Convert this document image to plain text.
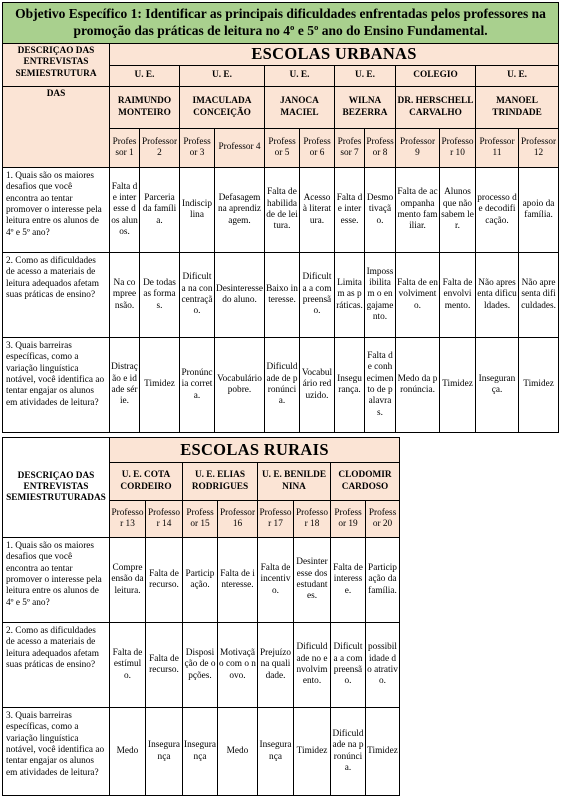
Objetivo Específico 1: Identificar as principais dificuldades enfrentadas pelos professores na promoção das práticas de leitura no 4º e 5º ano do Ensino Fundamental.												
DESCRIÇAO DAS ENTREVISTAS SEMIESTRUTURA	ESCOLAS URBANAS											
	U. E.		U. E.		U. E.		U. E.		COLEGIO		U. E.	
DAS	RAIMUNDO MONTEIRO		IMACULADA CONCEIÇÃO		JANOCA MACIEL		WILNA BEZERRA		DR. HERSCHELL CARVALHO		MANOEL TRINDADE	
	Professor 1	Professor 2	Professor 3	Professor 4	Professor 5	Professor 6	Professor 7	Professor 8	Professor 9	Professor 10	Professor 11	Professor 12
1. Quais são os maiores desafios que você encontra ao tentar promover o interesse pela leitura entre os alunos de 4º e 5º ano?	Falta de interesse dos alunos.	Parceria da família.	Indisciplina	Defasagem na aprendizagem.	Falta de habilidade de leitura.	Acesso à literatura.	Falta de interesse.	Desmotivação.	Falta de acompanhamento familiar.	Alunos que não sabem ler.	processo de decodificação.	apoio da família.
2. Como as dificuldades de acesso a materiais de leitura adequados afetam suas práticas de ensino?	Na compreensão.	De todas as formas.	Dificulta na concentração.	Desinteresse do aluno.	Baixo interesse.	Dificulta a compreensão.	Limitam as práticas.	Impossibilitam o engajamento.	Falta de envolvimento.	Falta de envolvimento.	Não apresenta dificuldades.	Não apresenta dificuldades.
3. Quais barreiras específicas, como a variação linguística notável, você identifica ao tentar engajar os alunos em atividades de leitura?	Distração e idade série.	Timidez	Pronúncia correta.	Vocabulário pobre.	Dificuldade de pronúncia.	Vocabulário reduzido.	Insegurança.	Falta de conhecimento de palavras.	Medo da pronúncia.	Timidez	Insegurança.	Timidez
DESCRIÇAO DAS ENTREVISTAS SEMIESTRUTURADAS	ESCOLAS RURAIS							
	U. E. COTA CORDEIRO		U. E. ELIAS RODRIGUES		U. E. BENILDE NINA		CLODOMIR CARDOSO	
	Professor 13	Professor 14	Professor 15	Professor 16	Professor 17	Professor 18	Professor 19	Professor 20
1. Quais são os maiores desafios que você encontra ao tentar promover o interesse pela leitura entre os alunos de 4º e 5º ano?	Compreensão da leitura.	Falta de recurso.	Participação.	Falta de interesse.	Falta de incentivo.	Desinteresse dos estudantes.	Falta de interesse.	Participação da família.
2. Como as dificuldades de acesso a materiais de leitura adequados afetam suas práticas de ensino?	Falta de estímulo.	Falta de recurso.	Disposição de opções.	Motivação com o novo.	Prejuízo na qualidade.	Dificuldade no envolvimento.	Dificulta a compreensão.	possibilidade do atrativo.
3. Quais barreiras específicas, como a variação linguística notável, você identifica ao tentar engajar os alunos em atividades de leitura?	Medo	Insegurança	Insegurança	Medo	Insegurança	Timidez	Dificuldade na pronúncia.	Timidez
